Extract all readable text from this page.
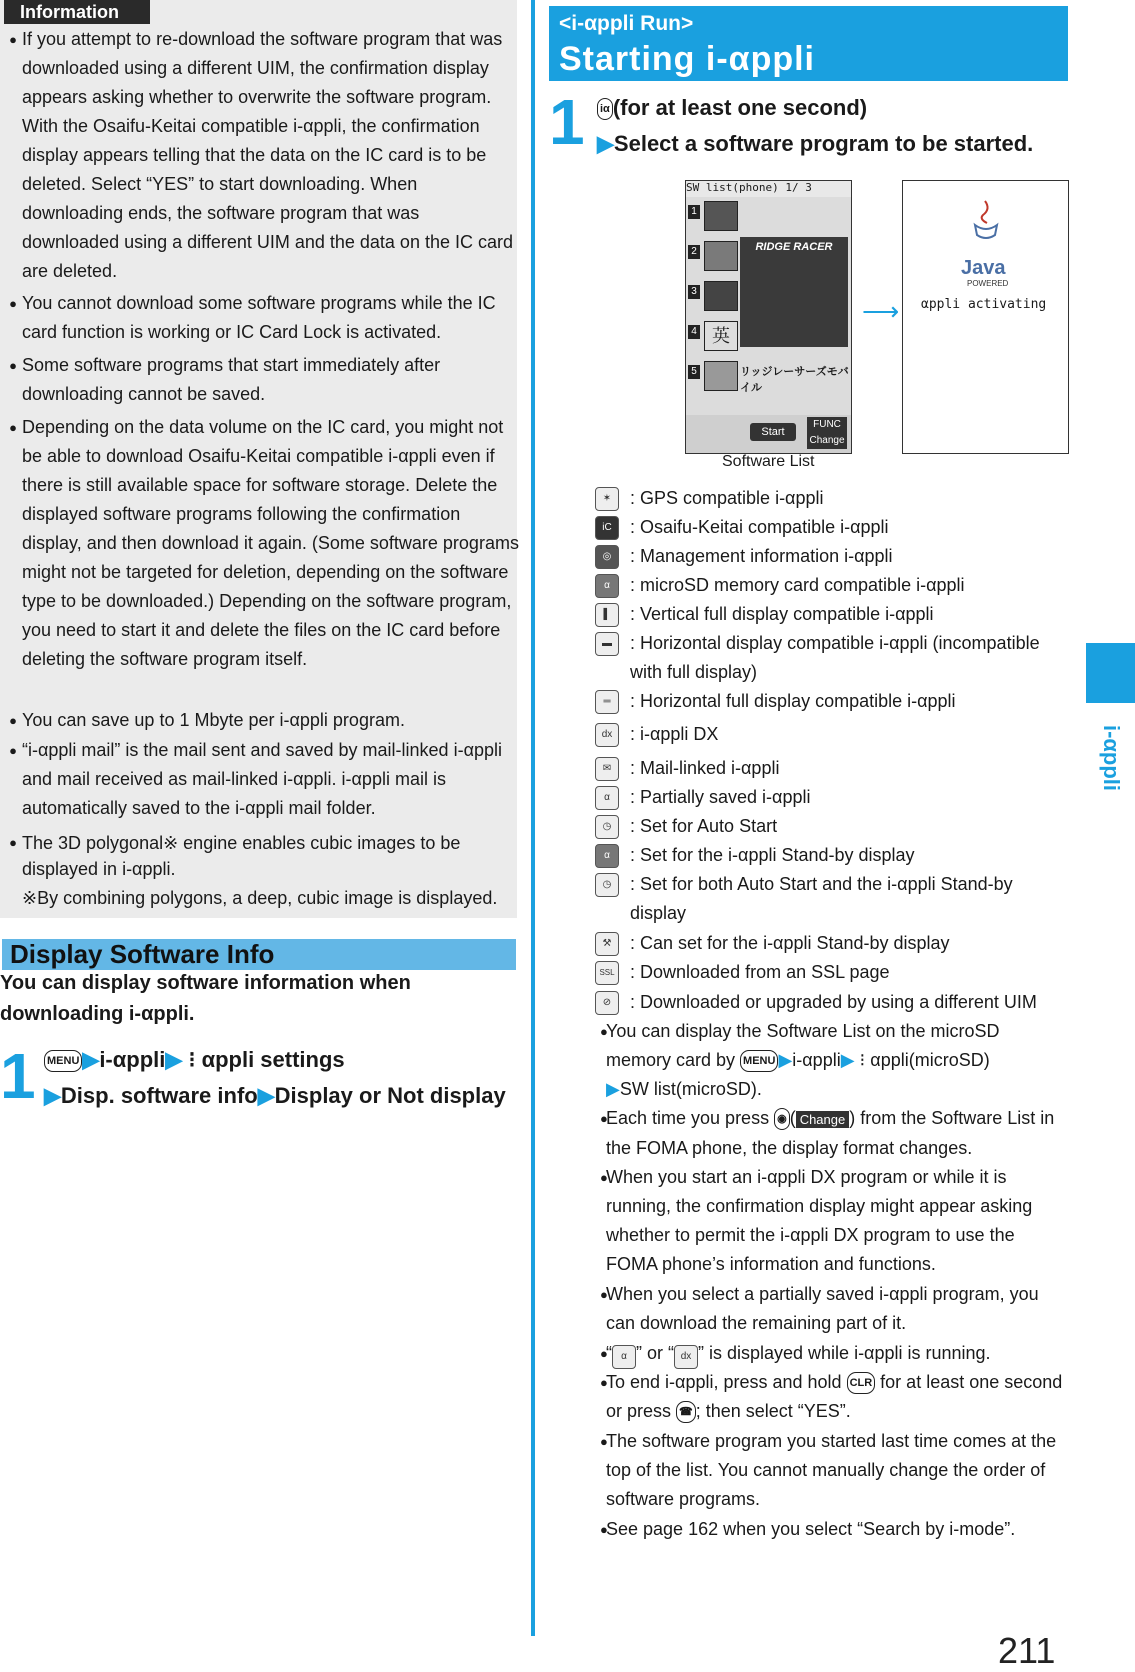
Information
● If you attempt to re-download the software program that was downloaded using a different UIM, the confirmation display appears asking whether to overwrite the software program. With the Osaifu-Keitai compatible i-αppli, the confirmation display appears telling that the data on the IC card is to be deleted. Select “YES” to start downloading. When downloading ends, the software program that was downloaded using a different UIM and the data on the IC card are deleted.

● You cannot download some software programs while the IC card function is working or IC Card Lock is activated.

● Some software programs that start immediately after downloading cannot be saved.

● Depending on the data volume on the IC card, you might not be able to download Osaifu-Keitai compatible i-αppli even if there is still available space for software storage. Delete the displayed software programs following the confirmation display, and then download it again. (Some software programs might not be targeted for deletion, depending on the software type to be downloaded.) Depending on the software program, you need to start it and delete the files on the IC card before deleting the software program itself.

● You can save up to 1 Mbyte per i-αppli program.

● “i-αppli mail” is the mail sent and saved by mail-linked i-αppli and mail received as mail-linked i-αppli. i-αppli mail is automatically saved to the i-αppli mail folder.

● The 3D polygonal※ engine enables cubic images to be displayed in i-αppli.

※By combining polygons, a deep, cubic image is displayed.

Display Software Info
You can display software information when downloading i-αppli.
1 MENU ▶i-αppli▶ ⁝ αppli settings
▶Disp. software info▶Display or Not display
<i-αppli Run>
Starting i-αppli
1 iα (for at least one second)
▶Select a software program to be started.
SW list(phone) 1/ 3
1
2
3
4 英
5
RIDGE RACER
リッジレーサーズモバイル
Start
FUNC
Change
⟶
Java
POWERED
αppli activating
Software List
✶	: GPS compatible i-αppli
iC	: Osaifu-Keitai compatible i-αppli
◎	: Management information i-αppli
α	: microSD memory card compatible i-αppli
▌	: Vertical full display compatible i-αppli
▬	: Horizontal display compatible i-αppli (incompatible with full display)

═	: Horizontal full display compatible i-αppli
dx : i-αppli DX
✉	: Mail-linked i-αppli
α	: Partially saved i-αppli
◷	: Set for Auto Start
α	: Set for the i-αppli Stand-by display
◷	: Set for both Auto Start and the i-αppli Stand-by display

⚒	: Can set for the i-αppli Stand-by display
SSL : Downloaded from an SSL page
⊘	: Downloaded or upgraded by using a different UIM
●

You can display the Software List on the microSD memory card by MENU ▶i-αppli▶ ⁝ αppli(microSD)
▶SW list(microSD).

●

Each time you press ◉ ( Change ) from the Software List in the FOMA phone, the display format changes.

●

When you start an i-αppli DX program or while it is running, the confirmation display might appear asking whether to permit the i-αppli DX program to use the FOMA phone’s information and functions.

●

When you select a partially saved i-αppli program, you can download the remaining part of it.

●

“ α ” or “ dx ” is displayed while i-αppli is running.

●

To end i-αppli, press and hold CLR for at least one second or press ☎ ; then select “YES”.

●

The software program you started last time comes at the top of the list. You cannot manually change the order of software programs.

●

See page 162 when you select “Search by i-mode”.

i-αppli
211
